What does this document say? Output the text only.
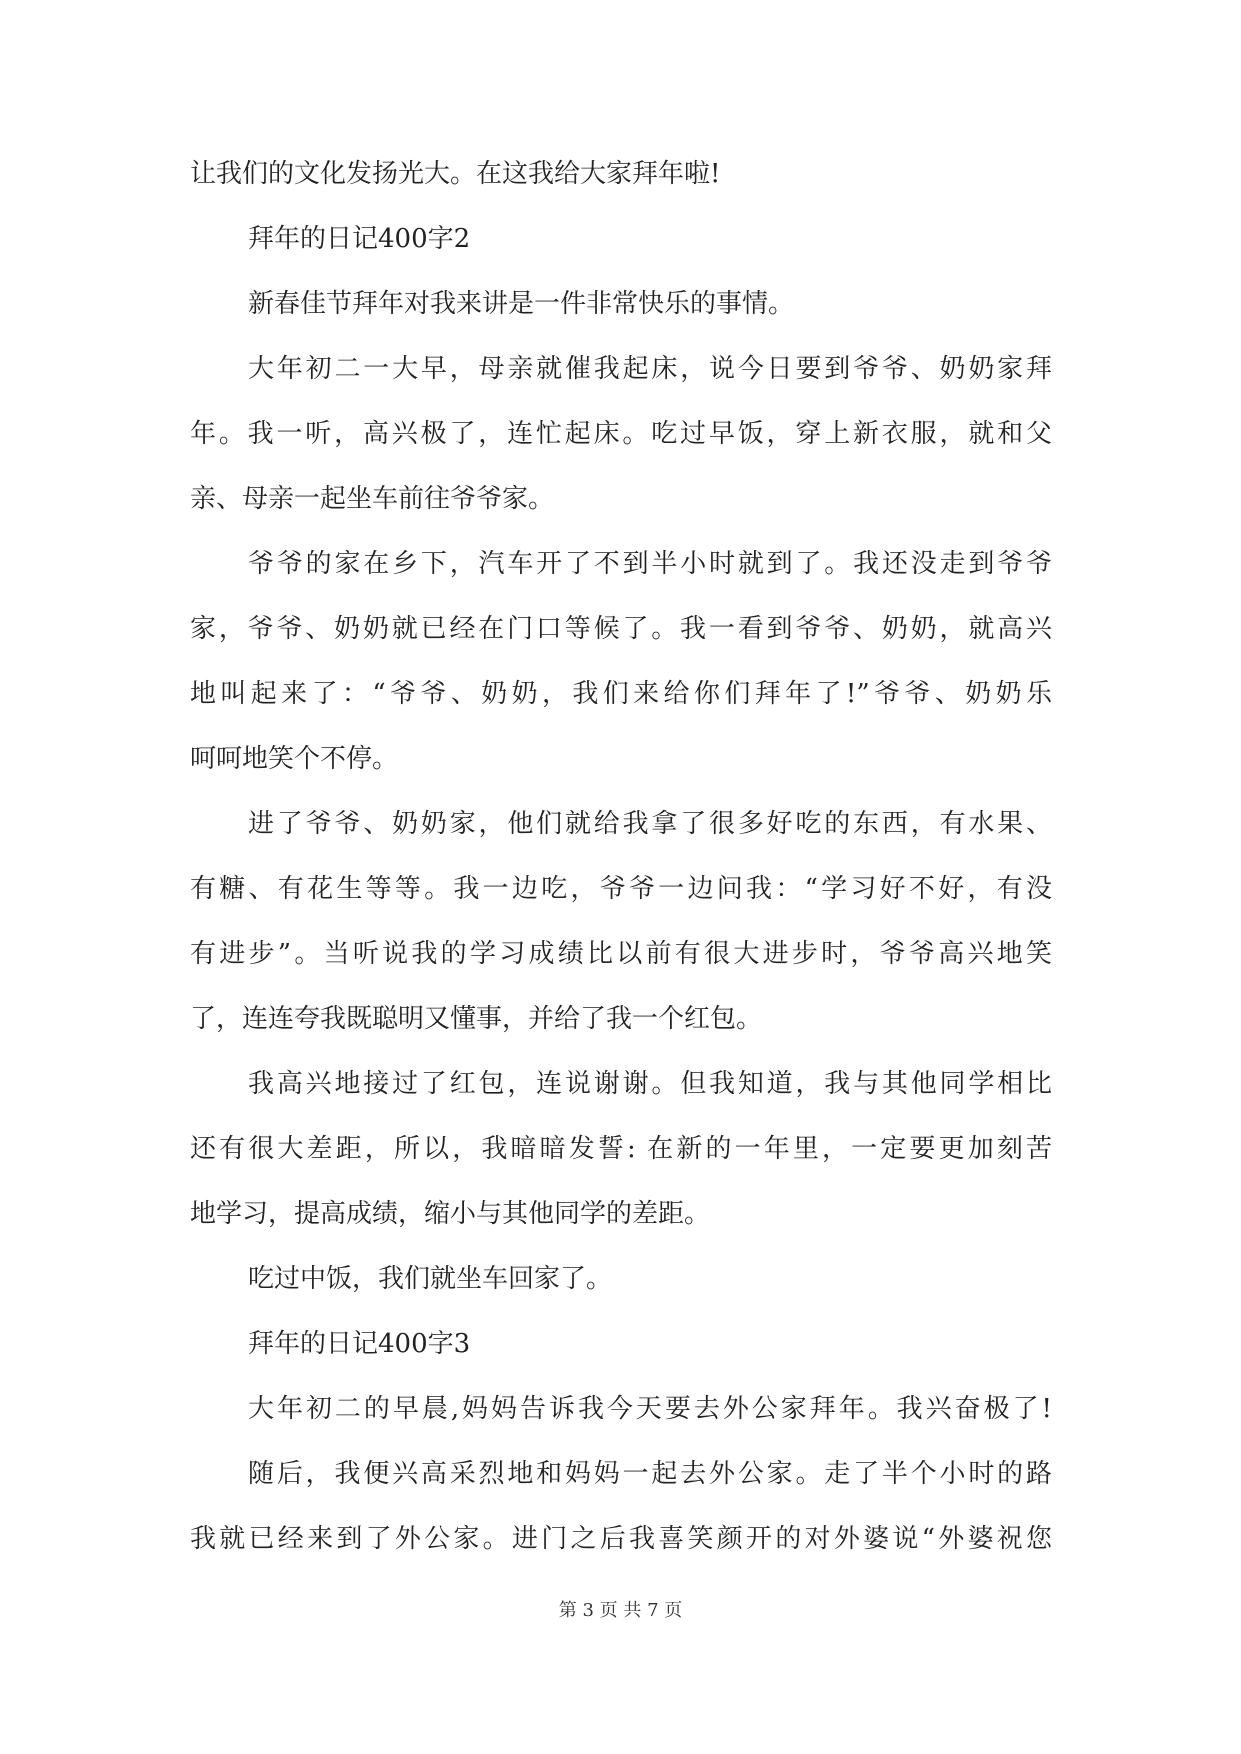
让我们的文化发扬光大。在这我给大家拜年啦!

拜年的日记400字2

新春佳节拜年对我来讲是一件非常快乐的事情。

大年初二一大早，母亲就催我起床，说今日要到爷爷、奶奶家拜

年。我一听，高兴极了，连忙起床。吃过早饭，穿上新衣服，就和父

亲、母亲一起坐车前往爷爷家。

爷爷的家在乡下，汽车开了不到半小时就到了。我还没走到爷爷

家，爷爷、奶奶就已经在门口等候了。我一看到爷爷、奶奶，就高兴

地叫起来了：“爷爷、奶奶，我们来给你们拜年了!”爷爷、奶奶乐

呵呵地笑个不停。

进了爷爷、奶奶家，他们就给我拿了很多好吃的东西，有水果、

有糖、有花生等等。我一边吃，爷爷一边问我：“学习好不好，有没

有进步”。当听说我的学习成绩比以前有很大进步时，爷爷高兴地笑

了，连连夸我既聪明又懂事，并给了我一个红包。

我高兴地接过了红包，连说谢谢。但我知道，我与其他同学相比

还有很大差距，所以，我暗暗发誓: 在新的一年里，一定要更加刻苦

地学习，提高成绩，缩小与其他同学的差距。

吃过中饭，我们就坐车回家了。

拜年的日记400字3

大年初二的早晨,妈妈告诉我今天要去外公家拜年。我兴奋极了!

随后，我便兴高采烈地和妈妈一起去外公家。走了半个小时的路

我就已经来到了外公家。进门之后我喜笑颜开的对外婆说“外婆祝您

第 3 页 共 7 页
